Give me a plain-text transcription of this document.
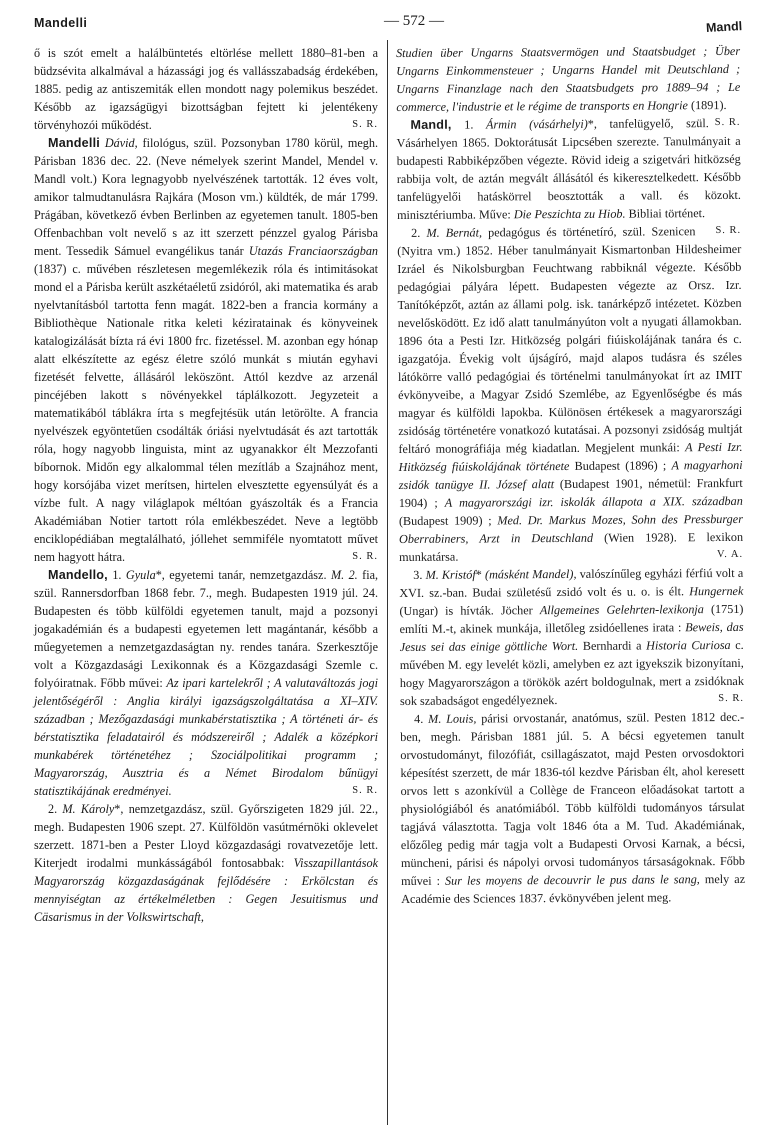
Mandelli	— 572 —	Mandl

ő is szót emelt a halálbüntetés eltörlése mellett 1880–81-ben a büdzsévita alkalmával a házassági jog és vallásszabadság érdekében, 1885. pedig az antiszemiták ellen mondott nagy polemikus beszédet. Később az igazságügyi bizottságban fejtett ki jelentékeny törvényhozói működést.	S. R.

Mandelli Dávid, filológus, szül. Pozsonyban 1780 körül, megh. Párisban 1836 dec. 22. (Neve némelyek szerint Mandel, Mendel v. Mandl volt.) Kora legnagyobb nyelvészének tartották. 12 éves volt, amikor talmudtanulásra Rajkára (Moson vm.) küldték, de már 1799. Prágában, következő évben Berlinben az egyetemen tanult. 1805-ben Offenbachban volt nevelő s az itt szerzett pénzzel gyalog Párisba ment. Tessedik Sámuel evangélikus tanár Utazás Franciaországban (1837) c. művében részletesen megemlékezik róla és intimitásokat mond el a Párisba került aszkétaéletű zsidóról, aki matematika és arab nyelvtanításból tartotta fenn magát. 1822-ben a francia kormány a Bibliothèque Nationale ritka keleti kéziratainak és könyveinek katalogizálását bízta rá évi 1800 frc. fizetéssel. M. azonban egy hónap alatt elkészítette az egész életre szóló munkát s miután egyhavi fizetését felvette, állásáról leköszönt. Attól kezdve az arzenál pincéjében lakott s növényekkel táplálkozott. Jegyzeteit a matematikából táblákra írta s megfejtésük után letörölte. A francia nyelvészek egyöntetűen csodálták óriási nyelvtudását és azt tartották róla, hogy nagyobb linguista, mint az ugyanakkor élt Mezzofanti bíbornok. Midőn egy alkalommal télen mezítláb a Szajnához ment, hogy korsójába vizet merítsen, hirtelen elvesztette egyensúlyát és a vízbe fult. A nagy világlapok méltóan gyászolták és a Francia Akadémiában Notier tartott róla emlékbeszédet. Neve a legtöbb enciklopédiában megtalálható, jóllehet semmiféle nyomtatott művet nem hagyott hátra.	S. R.

Mandello, 1. Gyula*, egyetemi tanár, nemzetgazdász. M. 2. fia, szül. Rannersdorfban 1868 febr. 7., megh. Budapesten 1919 júl. 24. Budapesten és több külföldi egyetemen tanult, majd a pozsonyi jogakadémián és a budapesti egyetemen lett magántanár, később a műegyetemen a nemzetgazdaságtan ny. rendes tanára. Szerkesztője volt a Közgazdasági Lexikonnak és a Közgazdasági Szemle c. folyóiratnak. Főbb művei: Az ipari kartelekről ; A valutaváltozás jogi jelentőségéről : Anglia királyi igazságszolgáltatása a XI–XIV. században ; Mezőgazdasági munkabérstatisztika ; A történeti ár- és bérstatisztika feladatairól és módszereiről ; Adalék a középkori munkabérek történetéhez ; Szociálpolitikai programm ; Magyarország, Ausztria és a Német Birodalom bűnügyi statisztikájának eredményei.	S. R.

2. M. Károly*, nemzetgazdász, szül. Győrszigeten 1829 júl. 22., megh. Budapesten 1906 szept. 27. Külföldön vasútmérnöki oklevelet szerzett. 1871-ben a Pester Lloyd közgazdasági rovatvezetője lett. Kiterjedt irodalmi munkásságából fontosabbak: Visszapillantások Magyarország közgazdaságának fejlődésére : Erkölcstan és mennyiségtan az értékelméletben : Gegen Jesuitismus und Cäsarismus in der Volkswirtschaft,

Studien über Ungarns Staatsvermögen und Staatsbudget ; Über Ungarns Einkommensteuer ; Ungarns Handel mit Deutschland ; Ungarns Finanzlage nach den Staatsbudgets pro 1889–94 ; Le commerce, l'industrie et le régime de transports en Hongrie (1891).
S. R.

Mandl, 1. Ármin (vásárhelyi)*, tanfelügyelő, szül. Vásárhelyen 1865. Doktorátusát Lipcsében szerezte. Tanulmányait a budapesti Rabbiképzőben végezte. Rövid ideig a szigetvári hitközség rabbija volt, de aztán megvált állásától és kikeresztelkedett. Később tanfelügyelői hatáskörrel beosztották a vall. és közokt. minisztériumba. Műve: Die Peszichta zu Hiob. Bibliai történet.
S. R.

2. M. Bernát, pedagógus és történetíró, szül. Szenicen (Nyitra vm.) 1852. Héber tanulmányait Kismartonban Hildesheimer Izráel és Nikolsburgban Feuchtwang rabbiknál végezte. Később pedagógiai pályára lépett. Budapesten végezte az Orsz. Izr. Tanítóképzőt, aztán az állami polg. isk. tanárképző intézetet. Közben nevelősködött. Ez idő alatt tanulmányúton volt a nyugati államokban. 1896 óta a Pesti Izr. Hitközség polgári fiúiskolájának tanára és c. igazgatója. Évekig volt újságíró, majd alapos tudásra és széles látókörre valló pedagógiai és történelmi tanulmányokat írt az IMIT évkönyveibe, a Magyar Zsidó Szemlébe, az Egyenlőségbe és más magyar és külföldi lapokba. Különösen értékesek a magyarországi zsidóság történetére vonatkozó kutatásai. A pozsonyi zsidóság multját feltáró monográfiája még kiadatlan. Megjelent munkái: A Pesti Izr. Hitközség fiúiskolájának története Budapest (1896) ; A magyarhoni zsidók tanügye II. József alatt (Budapest 1901, németül: Frankfurt 1904) ; A magyarországi izr. iskolák állapota a XIX. században (Budapest 1909) ; Med. Dr. Markus Mozes, Sohn des Pressburger Oberrabiners, Arzt in Deutschland (Wien 1928). E lexikon munkatársa.	V. A.

3. M. Kristóf* (másként Mandel), valószínűleg egyházi férfiú volt a XVI. sz.-ban. Budai születésű zsidó volt és u. o. is élt. Hungernek (Ungar) is hívták. Jöcher Allgemeines Gelehrten-lexikonja (1751) említi M.-t, akinek munkája, illetőleg zsidóellenes irata : Beweis, das Jesus sei das einige göttliche Wort. Bernhardi a Historia Curiosa c. művében M. egy levelét közli, amelyben ez azt igyekszik bizonyítani, hogy Magyarországon a törökök azért boldogulnak, mert a zsidóknak sok szabadságot engedélyeznek.	S. R.

4. M. Louis, párisi orvostanár, anatómus, szül. Pesten 1812 dec.-ben, megh. Párisban 1881 júl. 5. A bécsi egyetemen tanult orvostudományt, filozófiát, csillagászatot, majd Pesten orvosdoktori képesítést szerzett, de már 1836-tól kezdve Párisban élt, ahol keresett orvos lett s azonkívül a Collège de Franceon előadásokat tartott a physiológiából és anatómiából. Több külföldi tudományos társulat tagjává választotta. Tagja volt 1846 óta a M. Tud. Akadémiának, előzőleg pedig már tagja volt a Budapesti Orvosi Karnak, a bécsi, müncheni, párisi és nápolyi orvosi tudományos társaságoknak. Főbb művei : Sur les moyens de decouvrir le pus dans le sang, mely az Académie des Sciences 1837. évkönyvében jelent meg.
